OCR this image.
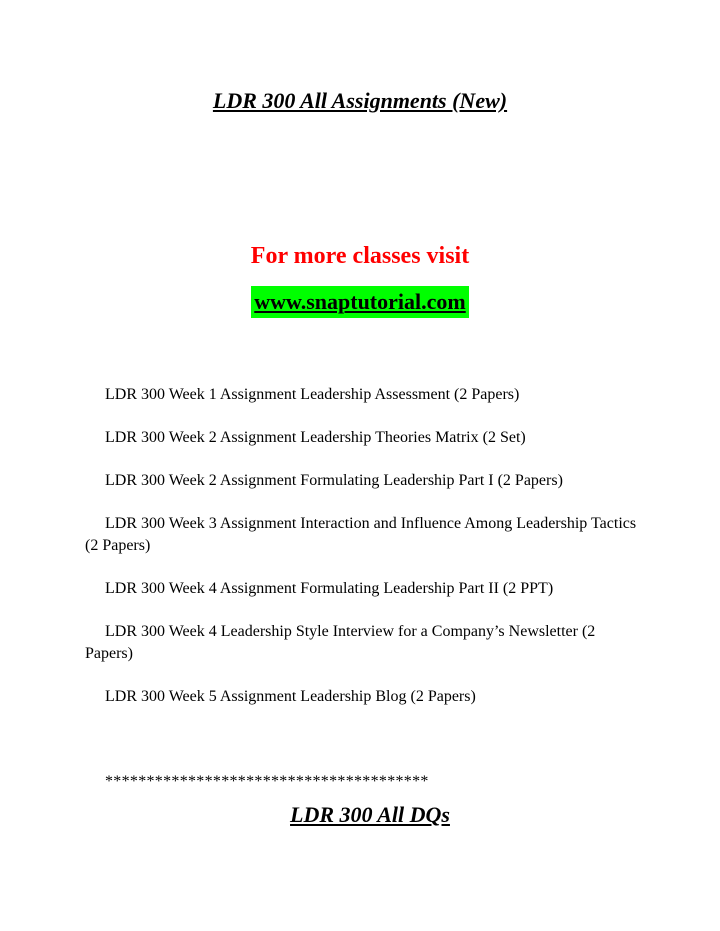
LDR 300 All Assignments (New)

For more classes visit

www.snaptutorial.com

LDR 300 Week 1 Assignment Leadership Assessment (2 Papers)
LDR 300 Week 2 Assignment Leadership Theories Matrix (2 Set)
LDR 300 Week 2 Assignment Formulating Leadership Part I (2 Papers)
LDR 300 Week 3 Assignment Interaction and Influence Among Leadership Tactics (2 Papers)
LDR 300 Week 4 Assignment Formulating Leadership Part II (2 PPT)
LDR 300 Week 4 Leadership Style Interview for a Company’s Newsletter (2 Papers)
LDR 300 Week 5 Assignment Leadership Blog (2 Papers)

***************************************

LDR 300 All DQs
